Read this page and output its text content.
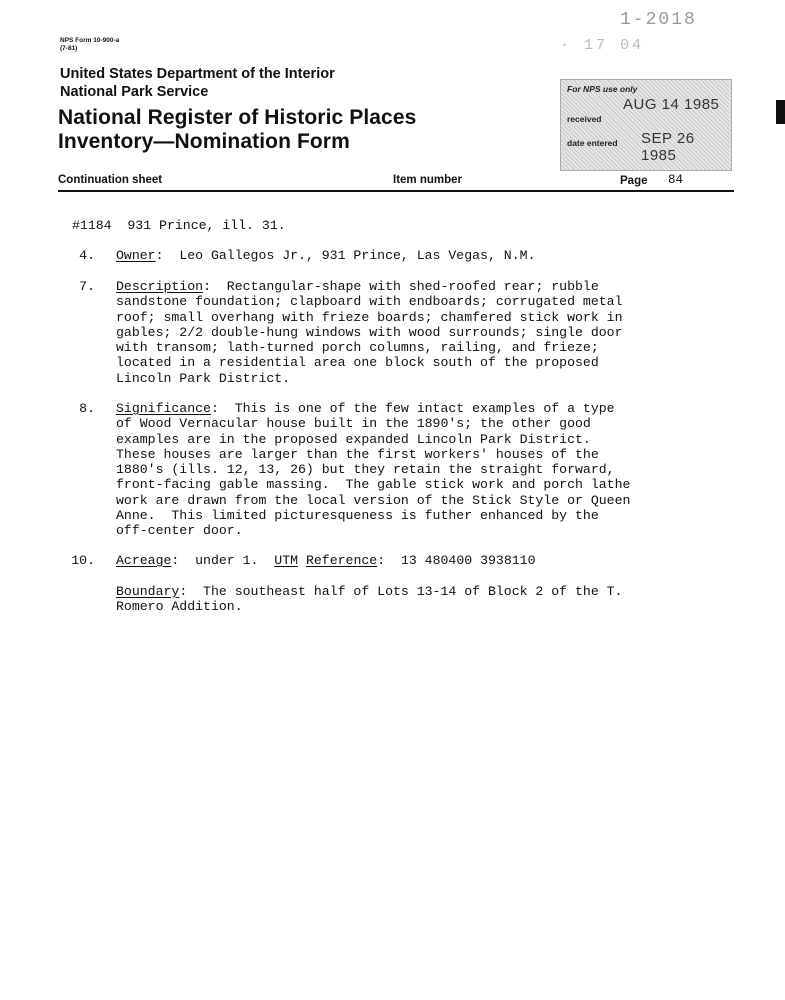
NPS Form 10-900-a
(7-81)
1-2018
· 17 04
United States Department of the Interior
National Park Service
National Register of Historic Places
Inventory—Nomination Form
For NPS use only
received
AUG 14 1985
date entered SEP 26 1985
Continuation sheet	Item number	Page 84
#1184  931 Prince, ill. 31.
4. Owner:  Leo Gallegos Jr., 931 Prince, Las Vegas, N.M.
7. Description:  Rectangular-shape with shed-roofed rear; rubble
sandstone foundation; clapboard with endboards; corrugated metal
roof; small overhang with frieze boards; chamfered stick work in
gables; 2/2 double-hung windows with wood surrounds; single door
with transom; lath-turned porch columns, railing, and frieze;
located in a residential area one block south of the proposed
Lincoln Park District.
8. Significance:  This is one of the few intact examples of a type
of Wood Vernacular house built in the 1890's; the other good
examples are in the proposed expanded Lincoln Park District.
These houses are larger than the first workers' houses of the
1880's (ills. 12, 13, 26) but they retain the straight forward,
front-facing gable massing.  The gable stick work and porch lathe
work are drawn from the local version of the Stick Style or Queen
Anne.  This limited picturesqueness is futher enhanced by the
off-center door.
10. Acreage:  under 1.  UTM Reference:  13 480400 3938110
Boundary:  The southeast half of Lots 13-14 of Block 2 of the T.
Romero Addition.
